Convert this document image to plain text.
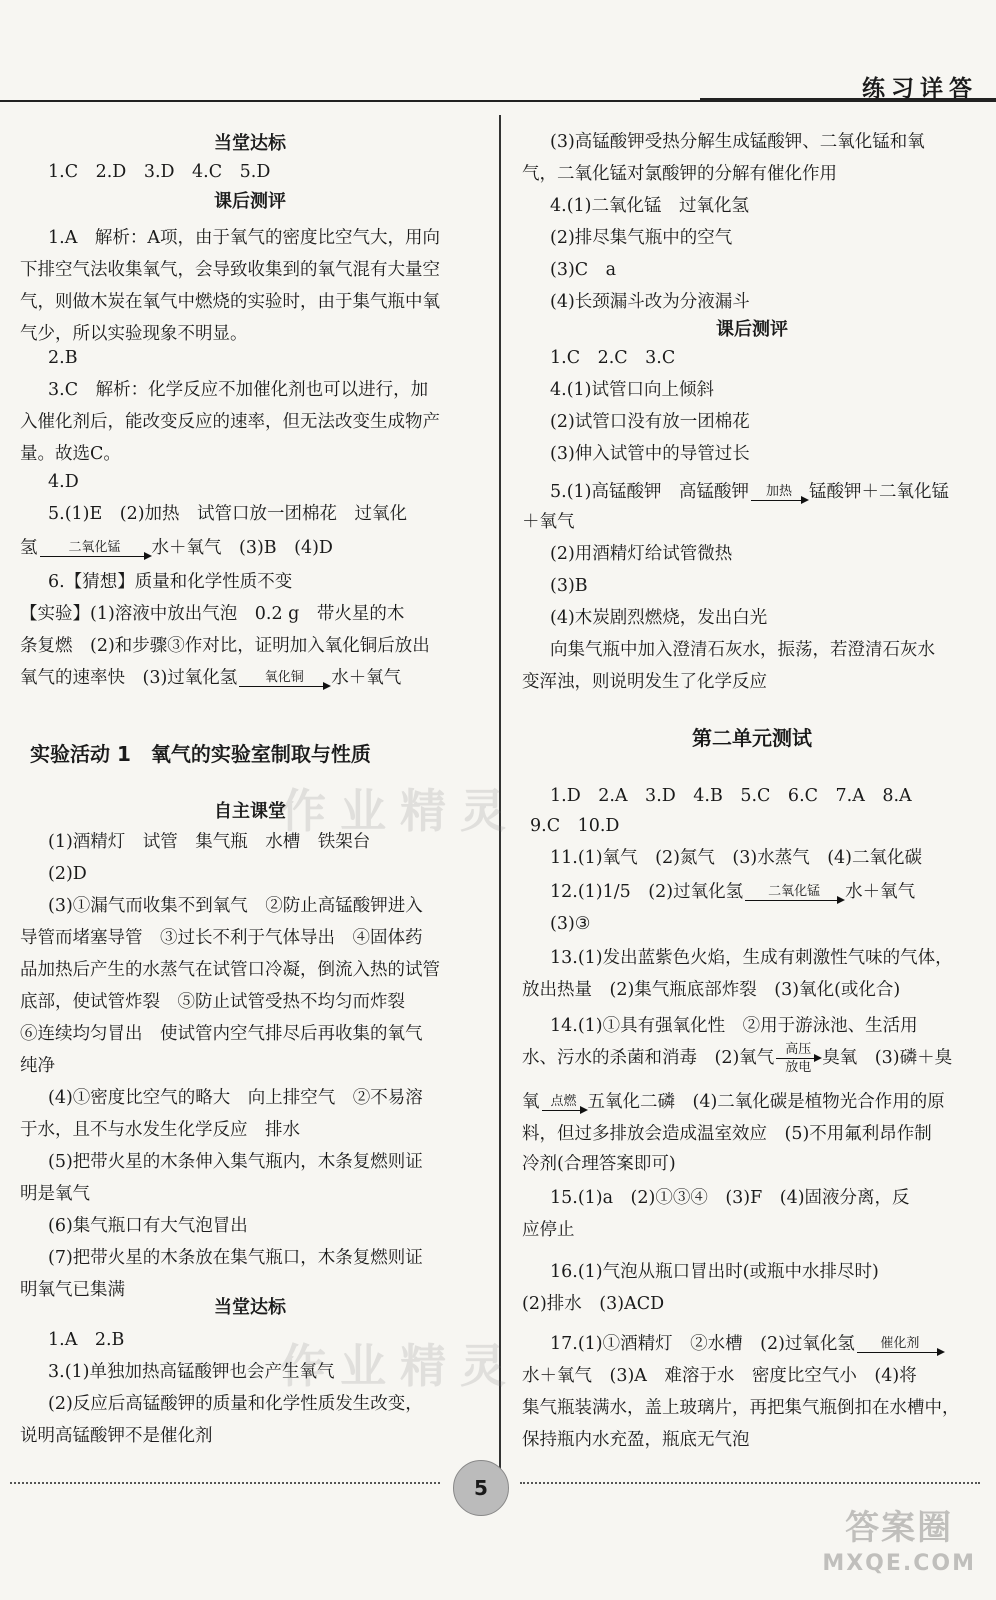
练习详答
当堂达标
1.C　2.D　3.D　4.C　5.D
课后测评
1.A　解析：A项，由于氧气的密度比空气大，用向
下排空气法收集氧气，会导致收集到的氧气混有大量空
气，则做木炭在氧气中燃烧的实验时，由于集气瓶中氧
气少，所以实验现象不明显。
2.B
3.C　解析：化学反应不加催化剂也可以进行，加
入催化剂后，能改变反应的速率，但无法改变生成物产
量。故选C。
4.D
5.(1)E　(2)加热　试管口放一团棉花　过氧化
氢	二氧化锰	水＋氧气　(3)B　(4)D
6.【猜想】质量和化学性质不变
【实验】(1)溶液中放出气泡　0.2 g　带火星的木
条复燃　(2)和步骤③作对比，证明加入氧化铜后放出
氧气的速率快　(3)过氧化氢	氧化铜	水＋氧气
实验活动 1　氧气的实验室制取与性质
自主课堂
(1)酒精灯　试管　集气瓶　水槽　铁架台
(2)D
(3)①漏气而收集不到氧气　②防止高锰酸钾进入
导管而堵塞导管　③过长不利于气体导出　④固体药
品加热后产生的水蒸气在试管口冷凝，倒流入热的试管
底部，使试管炸裂　⑤防止试管受热不均匀而炸裂
⑥连续均匀冒出　使试管内空气排尽后再收集的氧气
纯净
(4)①密度比空气的略大　向上排空气　②不易溶
于水，且不与水发生化学反应　排水
(5)把带火星的木条伸入集气瓶内，木条复燃则证
明是氧气
(6)集气瓶口有大气泡冒出
(7)把带火星的木条放在集气瓶口，木条复燃则证
明氧气已集满
当堂达标
1.A　2.B
3.(1)单独加热高锰酸钾也会产生氧气
(2)反应后高锰酸钾的质量和化学性质发生改变，
说明高锰酸钾不是催化剂
(3)高锰酸钾受热分解生成锰酸钾、二氧化锰和氧
气，二氧化锰对氯酸钾的分解有催化作用
4.(1)二氧化锰　过氧化氢
(2)排尽集气瓶中的空气
(3)C　a
(4)长颈漏斗改为分液漏斗
课后测评
1.C　2.C　3.C
4.(1)试管口向上倾斜
(2)试管口没有放一团棉花
(3)伸入试管中的导管过长
5.(1)高锰酸钾　高锰酸钾	加热 锰酸钾＋二氧化锰
＋氧气
(2)用酒精灯给试管微热
(3)B
(4)木炭剧烈燃烧，发出白光
向集气瓶中加入澄清石灰水，振荡，若澄清石灰水
变浑浊，则说明发生了化学反应
第二单元测试
1.D　2.A　3.D　4.B　5.C　6.C　7.A　8.A
9.C　10.D
11.(1)氧气　(2)氮气　(3)水蒸气　(4)二氧化碳
12.(1)1/5　(2)过氧化氢	二氧化锰	水＋氧气
(3)③
13.(1)发出蓝紫色火焰，生成有刺激性气味的气体，
放出热量　(2)集气瓶底部炸裂　(3)氧化(或化合)
14.(1)①具有强氧化性　②用于游泳池、生活用
水、污水的杀菌和消毒　(2)氧气 高压
放电 臭氧　(3)磷＋臭
氧 点燃 五氧化二磷　(4)二氧化碳是植物光合作用的原
料，但过多排放会造成温室效应　(5)不用氟利昂作制
冷剂(合理答案即可)
15.(1)a　(2)①③④　(3)F　(4)固液分离，反
应停止
16.(1)气泡从瓶口冒出时(或瓶中水排尽时)
(2)排水　(3)ACD
17.(1)①酒精灯　②水槽　(2)过氧化氢	催化剂
水＋氧气　(3)A　难溶于水　密度比空气小　(4)将
集气瓶装满水，盖上玻璃片，再把集气瓶倒扣在水槽中，
保持瓶内水充盈，瓶底无气泡
作业精灵
作业精灵
5
答案圈
MXQE.COM
